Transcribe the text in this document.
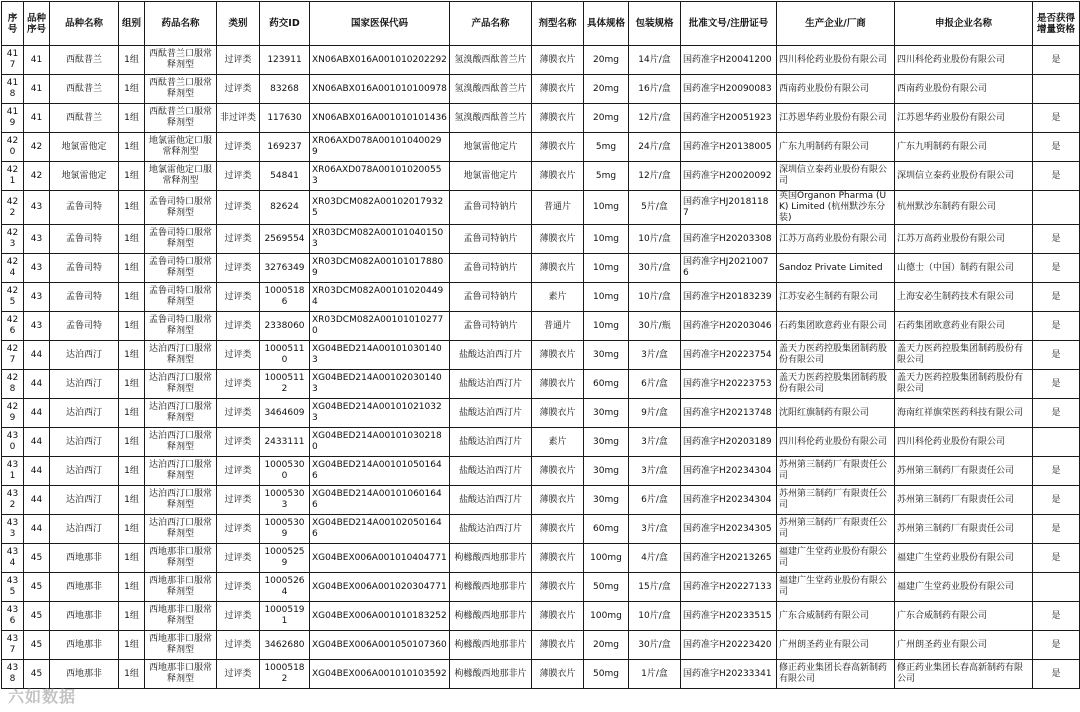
序号	品种序号	品种名称	组别	药品名称	类别	药交ID	国家医保代码	产品名称	剂型名称	具体规格	包装规格	批准文号/注册证号	生产企业/厂商	申报企业名称	是否获得增量资格
417	41	西酞普兰	1组	西酞普兰口服常释剂型	过评类	123911	XN06ABX016A001010202292	氢溴酸西酞普兰片	薄膜衣片	20mg	14片/盒	国药准字H20041200	四川科伦药业股份有限公司	四川科伦药业股份有限公司	是
418	41	西酞普兰	1组	西酞普兰口服常释剂型	过评类	83268	XN06ABX016A001010100978	氢溴酸西酞普兰片	薄膜衣片	20mg	16片/盒	国药准字H20090083	西南药业股份有限公司	西南药业股份有限公司	
419	41	西酞普兰	1组	西酞普兰口服常释剂型	非过评类	117630	XN06ABX016A001010101436	氢溴酸西酞普兰片	薄膜衣片	20mg	12片/盒	国药准字H20051923	江苏恩华药业股份有限公司	江苏恩华药业股份有限公司	是
420	42	地氯雷他定	1组	地氯雷他定口服常释剂型	过评类	169237	XR06AXD078A001010400299	地氯雷他定片	薄膜衣片	5mg	24片/盒	国药准字H20138005	广东九明制药有限公司	广东九明制药有限公司	是
421	42	地氯雷他定	1组	地氯雷他定口服常释剂型	过评类	54841	XR06AXD078A001010200553	地氯雷他定片	薄膜衣片	5mg	12片/盒	国药准字H20020092	深圳信立泰药业股份有限公司	深圳信立泰药业股份有限公司	是
422	43	孟鲁司特	1组	孟鲁司特口服常释剂型	过评类	82624	XR03DCM082A001020179325	孟鲁司特钠片	普通片	10mg	5片/盒	国药准字HJ20181187	英国Organon Pharma (UK) Limited (杭州默沙东分装)	杭州默沙东制药有限公司	
423	43	孟鲁司特	1组	孟鲁司特口服常释剂型	过评类	2569554	XR03DCM082A001010401503	孟鲁司特钠片	薄膜衣片	10mg	10片/盒	国药准字H20203308	江苏万高药业股份有限公司	江苏万高药业股份有限公司	是
424	43	孟鲁司特	1组	孟鲁司特口服常释剂型	过评类	3276349	XR03DCM082A001010178809	孟鲁司特钠片	薄膜衣片	10mg	30片/盒	国药准字HJ20210076	Sandoz Private Limited	山德士（中国）制药有限公司	是
425	43	孟鲁司特	1组	孟鲁司特口服常释剂型	过评类	10005186	XR03DCM082A001010204494	孟鲁司特钠片	素片	10mg	10片/盒	国药准字H20183239	江苏安必生制药有限公司	上海安必生制药技术有限公司	是
426	43	孟鲁司特	1组	孟鲁司特口服常释剂型	过评类	2338060	XR03DCM082A001010102770	孟鲁司特钠片	普通片	10mg	30片/瓶	国药准字H20203046	石药集团欧意药业有限公司	石药集团欧意药业有限公司	是
427	44	达泊西汀	1组	达泊西汀口服常释剂型	过评类	10005110	XG04BED214A001010301403	盐酸达泊西汀片	薄膜衣片	30mg	3片/盒	国药准字H20223754	盖天力医药控股集团制药股份有限公司	盖天力医药控股集团制药股份有限公司	是
428	44	达泊西汀	1组	达泊西汀口服常释剂型	过评类	10005112	XG04BED214A001020301403	盐酸达泊西汀片	薄膜衣片	60mg	6片/盒	国药准字H20223753	盖天力医药控股集团制药股份有限公司	盖天力医药控股集团制药股份有限公司	是
429	44	达泊西汀	1组	达泊西汀口服常释剂型	过评类	3464609	XG04BED214A001010210323	盐酸达泊西汀片	薄膜衣片	30mg	9片/盒	国药准字H20213748	沈阳红旗制药有限公司	海南红祥旗荣医药科技有限公司	是
430	44	达泊西汀	1组	达泊西汀口服常释剂型	过评类	2433111	XG04BED214A001010302180	盐酸达泊西汀片	素片	30mg	3片/盒	国药准字H20203189	四川科伦药业股份有限公司	四川科伦药业股份有限公司	
431	44	达泊西汀	1组	达泊西汀口服常释剂型	过评类	10005300	XG04BED214A001010501646	盐酸达泊西汀片	薄膜衣片	30mg	3片/盒	国药准字H20234304	苏州第三制药厂有限责任公司	苏州第三制药厂有限责任公司	是
432	44	达泊西汀	1组	达泊西汀口服常释剂型	过评类	10005303	XG04BED214A001010601646	盐酸达泊西汀片	薄膜衣片	30mg	6片/盒	国药准字H20234304	苏州第三制药厂有限责任公司	苏州第三制药厂有限责任公司	是
433	44	达泊西汀	1组	达泊西汀口服常释剂型	过评类	10005309	XG04BED214A001020501646	盐酸达泊西汀片	薄膜衣片	60mg	3片/盒	国药准字H20234305	苏州第三制药厂有限责任公司	苏州第三制药厂有限责任公司	是
434	45	西地那非	1组	西地那非口服常释剂型	过评类	10005259	XG04BEX006A001010404771	枸橼酸西地那非片	薄膜衣片	100mg	4片/盒	国药准字H20213265	福建广生堂药业股份有限公司	福建广生堂药业股份有限公司	是
435	45	西地那非	1组	西地那非口服常释剂型	过评类	10005264	XG04BEX006A001020304771	枸橼酸西地那非片	薄膜衣片	50mg	15片/盒	国药准字H20227133	福建广生堂药业股份有限公司	福建广生堂药业股份有限公司	
436	45	西地那非	1组	西地那非口服常释剂型	过评类	10005191	XG04BEX006A001010183252	枸橼酸西地那非片	薄膜衣片	100mg	10片/盒	国药准字H20233515	广东合威制药有限公司	广东合威制药有限公司	是
437	45	西地那非	1组	西地那非口服常释剂型	过评类	3462680	XG04BEX006A001050107360	枸橼酸西地那非片	薄膜衣片	20mg	30片/盒	国药准字H20223420	广州朗圣药业有限公司	广州朗圣药业有限公司	是
438	45	西地那非	1组	西地那非口服常释剂型	过评类	10005182	XG04BEX006A001010103592	枸橼酸西地那非片	薄膜衣片	50mg	1片/盒	国药准字H20233341	修正药业集团长春高新制药有限公司	修正药业集团长春高新制药有限公司	是
六如数据
